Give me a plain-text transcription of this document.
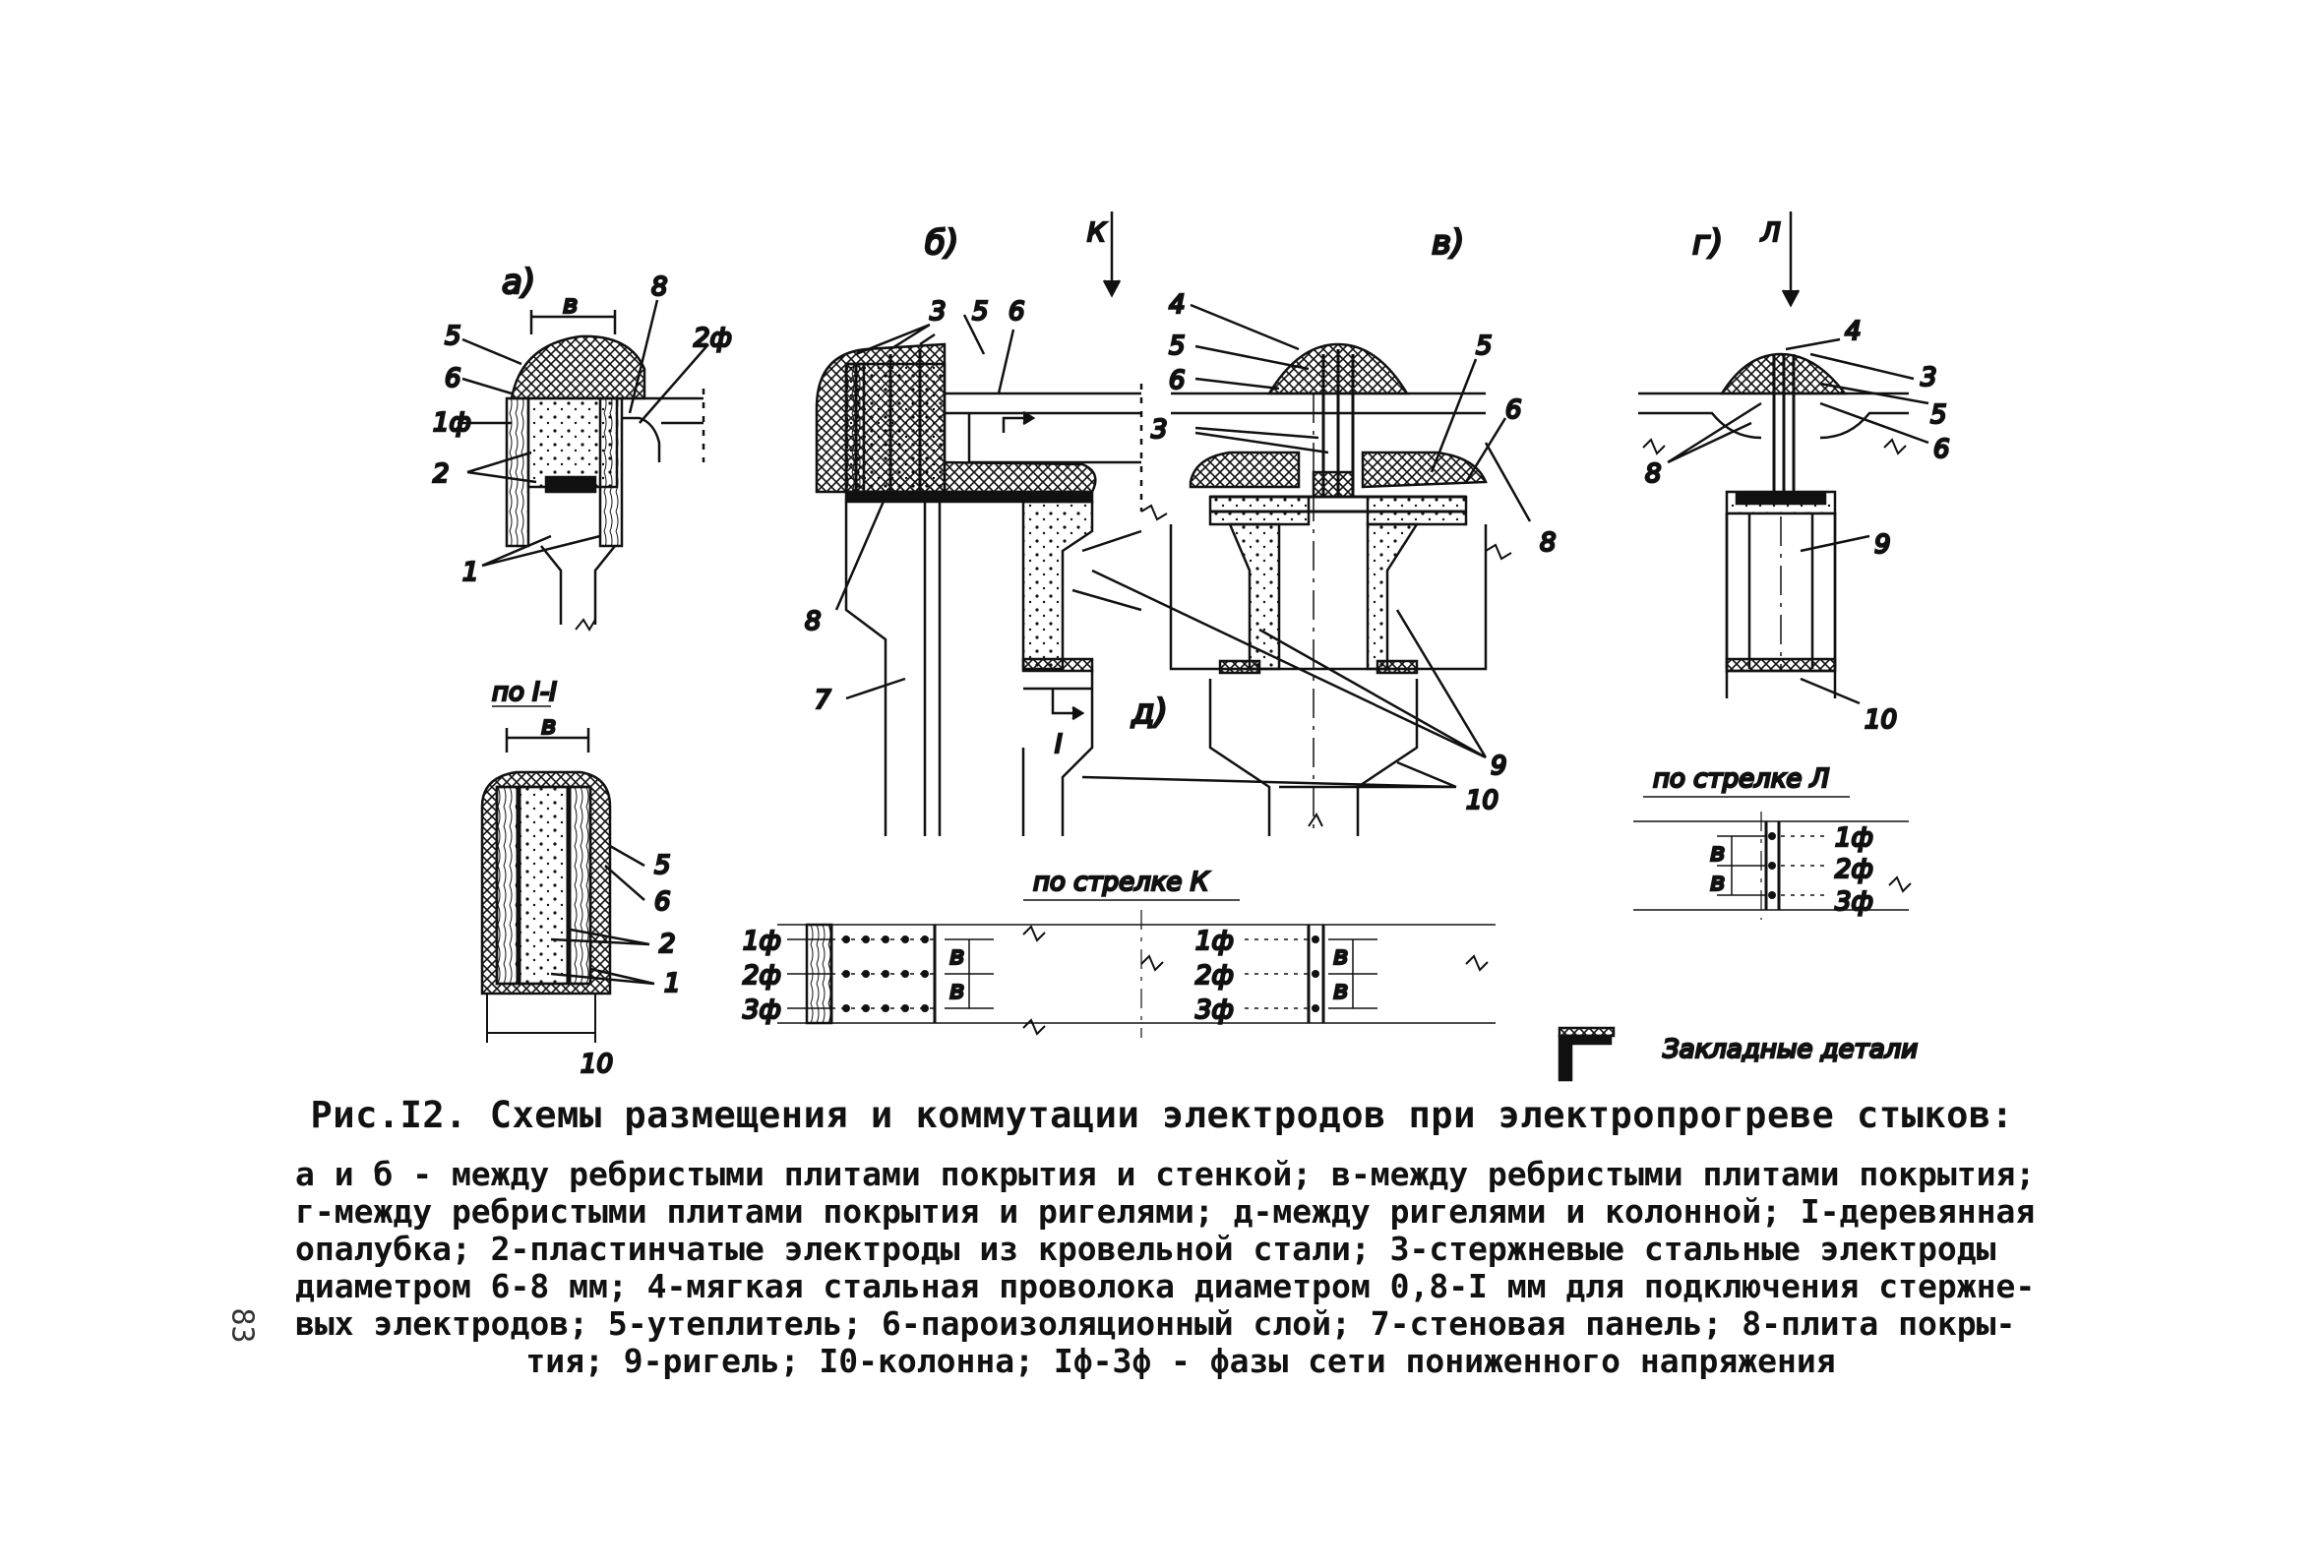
а)
в
5
6
1ф
2
1
8
2ф
по I-I
в
5
6
2
1
10
б)	К
I
3 5 6
8
7
в)
4
5
6
3
5
6
8
9
10
д)
г) Л
4
3
5
6
8
9
10
по стрелке К
в
в
1ф
2ф
3ф
в
в
1ф
2ф
3ф
по стрелке Л
в
в
1ф
2ф
3ф
Закладные детали
Рис.I2. Схемы размещения и коммутации электродов при электропрогреве стыков:
а и б - между ребристыми плитами покрытия и стенкой; в-между ребристыми плитами покрытия;
г-между ребристыми плитами покрытия и ригелями; д-между ригелями и колонной; I-деревянная
опалубка; 2-пластинчатые электроды из кровельной стали; 3-стержневые стальные электроды
диаметром 6-8 мм; 4-мягкая стальная проволока диаметром 0,8-I мм для подключения стержне-
вых электродов; 5-утеплитель; 6-пароизоляционный слой; 7-стеновая панель; 8-плита покры-
тия; 9-ригель; I0-колонна; Iф-3ф - фазы сети пониженного напряжения
83
